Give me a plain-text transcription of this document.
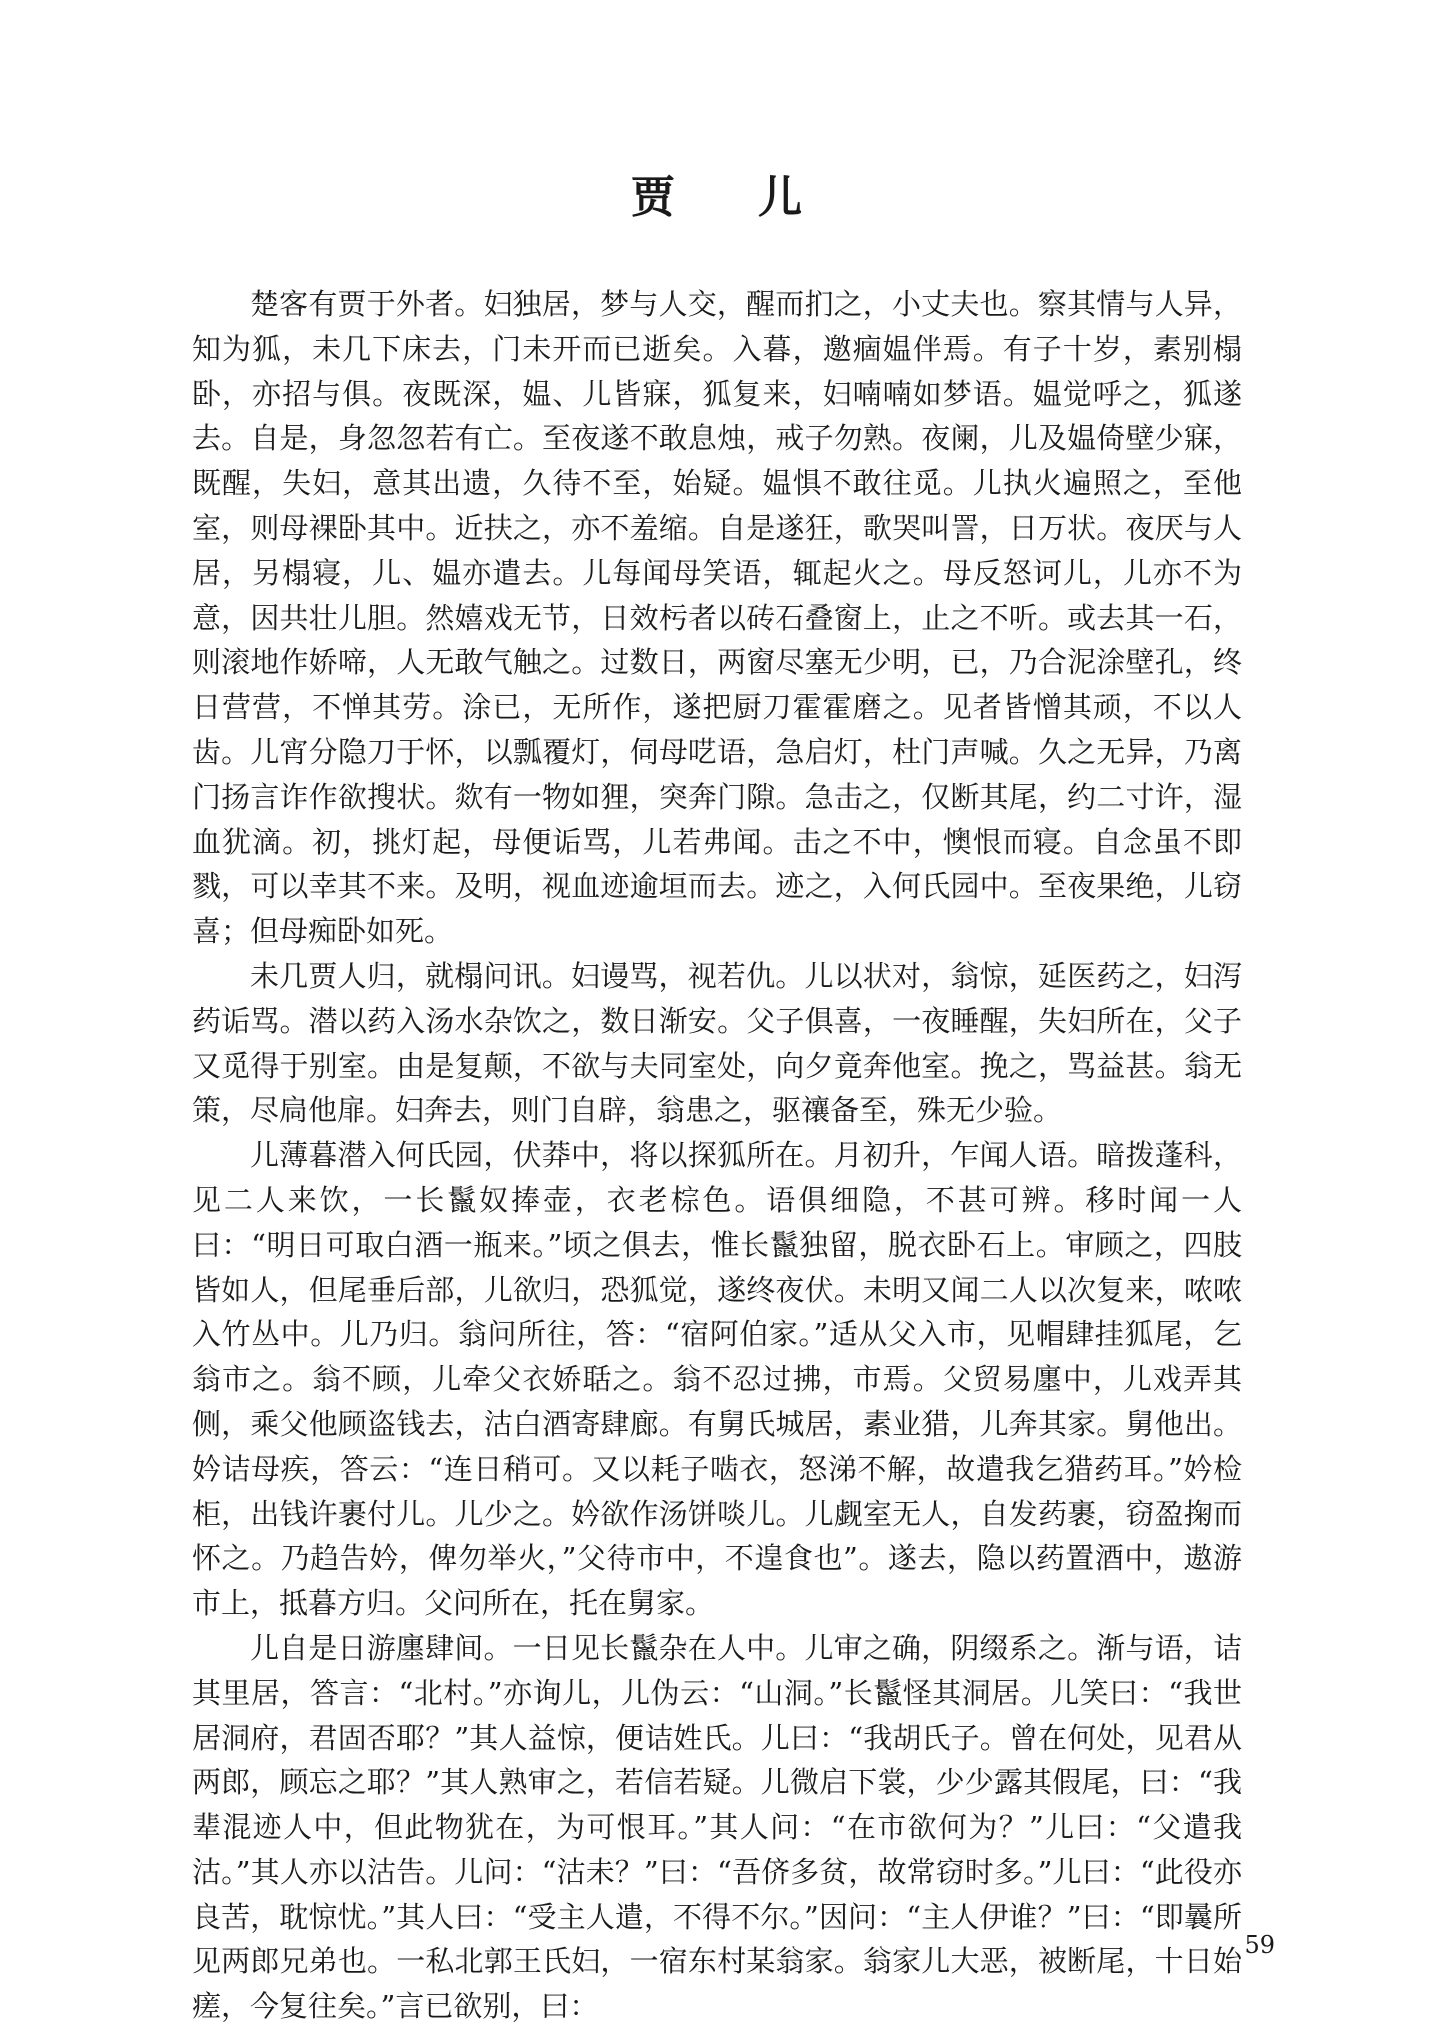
贾 儿

楚客有贾于外者。妇独居，梦与人交，醒而扪之，小丈夫也。察其情与人异，知为狐，未几下床去，门未开而已逝矣。入暮，邀痼媪伴焉。有子十岁，素别榻卧，亦招与俱。夜既深，媪、儿皆寐，狐复来，妇喃喃如梦语。媪觉呼之，狐遂去。自是，身忽忽若有亡。至夜遂不敢息烛，戒子勿熟。夜阑，儿及媪倚壁少寐，既醒，失妇，意其出遗，久待不至，始疑。媪惧不敢往觅。儿执火遍照之，至他室，则母裸卧其中。近扶之，亦不羞缩。自是遂狂，歌哭叫詈，日万状。夜厌与人居，另榻寝，儿、媪亦遣去。儿每闻母笑语，辄起火之。母反怒诃儿，儿亦不为意，因共壮儿胆。然嬉戏无节，日效杇者以砖石叠窗上，止之不听。或去其一石，则滚地作娇啼，人无敢气触之。过数日，两窗尽塞无少明，已，乃合泥涂壁孔，终日营营，不惮其劳。涂已，无所作，遂把厨刀霍霍磨之。见者皆憎其顽，不以人齿。儿宵分隐刀于怀，以瓢覆灯，伺母呓语，急启灯，杜门声喊。久之无异，乃离门扬言诈作欲搜状。欻有一物如狸，突奔门隙。急击之，仅断其尾，约二寸许，湿血犹滴。初，挑灯起，母便诟骂，儿若弗闻。击之不中，懊恨而寝。自念虽不即戮，可以幸其不来。及明，视血迹逾垣而去。迹之，入何氏园中。至夜果绝，儿窃喜；但母痴卧如死。

未几贾人归，就榻问讯。妇谩骂，视若仇。儿以状对，翁惊，延医药之，妇泻药诟骂。潜以药入汤水杂饮之，数日渐安。父子俱喜，一夜睡醒，失妇所在，父子又觅得于别室。由是复颠，不欲与夫同室处，向夕竟奔他室。挽之，骂益甚。翁无策，尽扃他扉。妇奔去，则门自辟，翁患之，驱禳备至，殊无少验。

儿薄暮潜入何氏园，伏莽中，将以探狐所在。月初升，乍闻人语。暗拨蓬科，见二人来饮，一长鬣奴捧壶，衣老棕色。语俱细隐，不甚可辨。移时闻一人曰：“明日可取白酒一瓶来。”顷之俱去，惟长鬣独留，脱衣卧石上。审顾之，四肢皆如人，但尾垂后部，儿欲归，恐狐觉，遂终夜伏。未明又闻二人以次复来，哝哝入竹丛中。儿乃归。翁问所往，答：“宿阿伯家。”适从父入市，见帽肆挂狐尾，乞翁市之。翁不顾，儿牵父衣娇聒之。翁不忍过拂，市焉。父贸易廛中，儿戏弄其侧，乘父他顾盗钱去，沽白酒寄肆廊。有舅氏城居，素业猎，儿奔其家。舅他出。妗诘母疾，答云：“连日稍可。又以耗子啮衣，怒涕不解，故遣我乞猎药耳。”妗检柜，出钱许裹付儿。儿少之。妗欲作汤饼啖儿。儿觑室无人，自发药裹，窃盈掬而怀之。乃趋告妗，俾勿举火，”父待市中，不遑食也”。遂去，隐以药置酒中，遨游市上，抵暮方归。父问所在，托在舅家。

儿自是日游廛肆间。一日见长鬣杂在人中。儿审之确，阴缀系之。渐与语，诘其里居，答言：“北村。”亦询儿，儿伪云：“山洞。”长鬣怪其洞居。儿笑曰：“我世居洞府，君固否耶？”其人益惊，便诘姓氏。儿曰：“我胡氏子。曾在何处，见君从两郎，顾忘之耶？”其人熟审之，若信若疑。儿微启下裳，少少露其假尾，曰：“我辈混迹人中，但此物犹在，为可恨耳。”其人问：“在市欲何为？”儿曰：“父遣我沽。”其人亦以沽告。儿问：“沽未？”曰：“吾侪多贫，故常窃时多。”儿曰：“此役亦良苦，耽惊忧。”其人曰：“受主人遣，不得不尔。”因问：“主人伊谁？”曰：“即曩所见两郎兄弟也。一私北郭王氏妇，一宿东村某翁家。翁家儿大恶，被断尾，十日始瘥，今复往矣。”言已欲别，曰：

59
